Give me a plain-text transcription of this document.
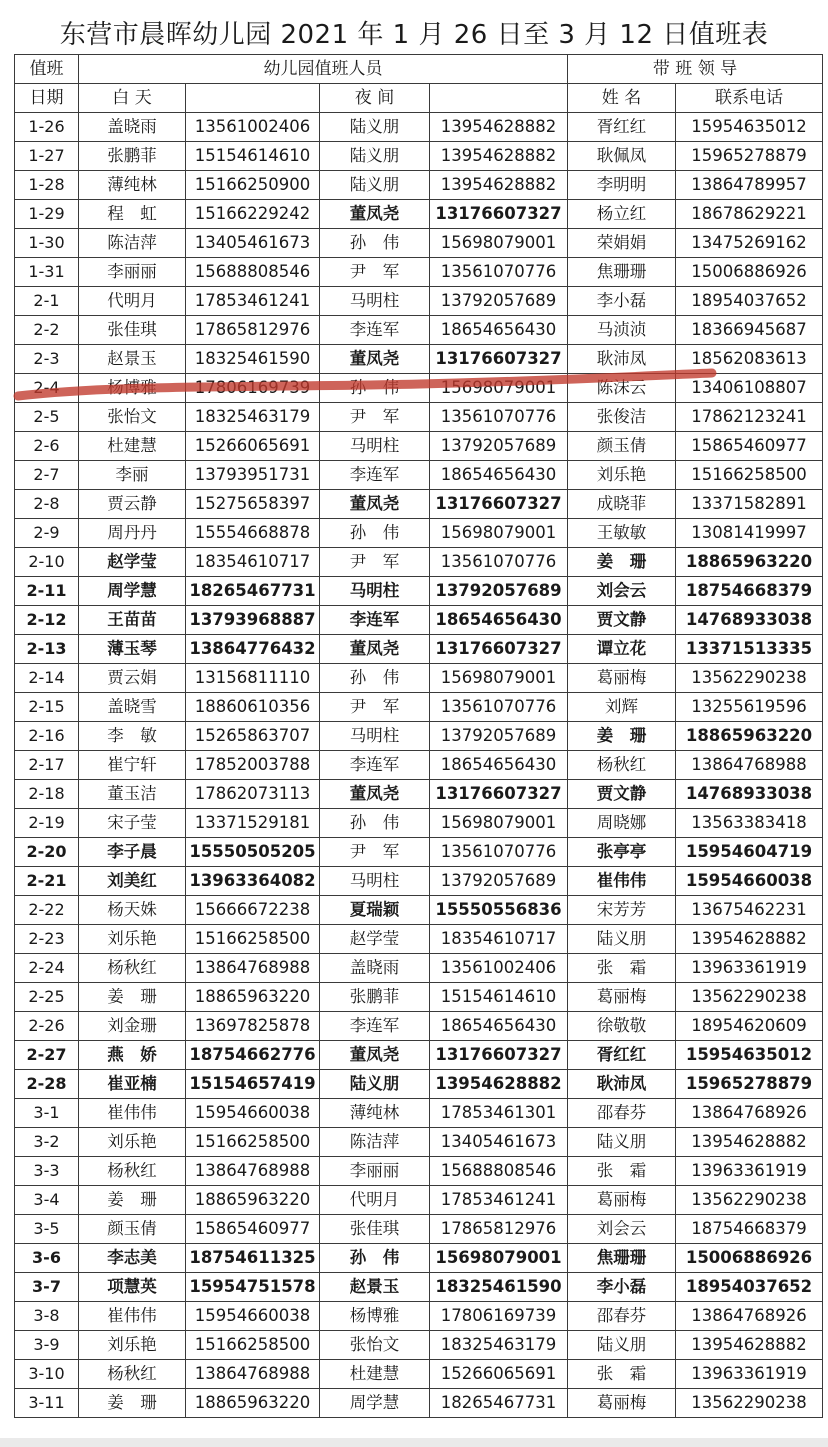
东营市晨晖幼儿园 2021 年 1 月 26 日至 3 月 12 日值班表
值班	幼儿园值班人员				带 班 领 导	
日期	白 天		夜 间		姓 名	联系电话
1-26	盖晓雨	13561002406	陆义朋	13954628882	胥红红	15954635012
1-27	张鹏菲	15154614610	陆义朋	13954628882	耿佩凤	15965278879
1-28	薄纯林	15166250900	陆义朋	13954628882	李明明	13864789957
1-29	程　虹	15166229242	董凤尧	13176607327	杨立红	18678629221
1-30	陈洁萍	13405461673	孙　伟	15698079001	荣娟娟	13475269162
1-31	李丽丽	15688808546	尹　军	13561070776	焦珊珊	15006886926
2-1	代明月	17853461241	马明柱	13792057689	李小磊	18954037652
2-2	张佳琪	17865812976	李连军	18654656430	马浈浈	18366945687
2-3	赵景玉	18325461590	董凤尧	13176607327	耿沛凤	18562083613
2-4	杨博雅	17806169739	孙　伟	15698079001	陈沫云	13406108807
2-5	张怡文	18325463179	尹　军	13561070776	张俊洁	17862123241
2-6	杜建慧	15266065691	马明柱	13792057689	颜玉倩	15865460977
2-7	李丽	13793951731	李连军	18654656430	刘乐艳	15166258500
2-8	贾云静	15275658397	董凤尧	13176607327	成晓菲	13371582891
2-9	周丹丹	15554668878	孙　伟	15698079001	王敏敏	13081419997
2-10	赵学莹	18354610717	尹　军	13561070776	姜　珊	18865963220
2-11	周学慧	18265467731	马明柱	13792057689	刘会云	18754668379
2-12	王苗苗	13793968887	李连军	18654656430	贾文静	14768933038
2-13	薄玉琴	13864776432	董凤尧	13176607327	谭立花	13371513335
2-14	贾云娟	13156811110	孙　伟	15698079001	葛丽梅	13562290238
2-15	盖晓雪	18860610356	尹　军	13561070776	刘辉	13255619596
2-16	李　敏	15265863707	马明柱	13792057689	姜　珊	18865963220
2-17	崔宁轩	17852003788	李连军	18654656430	杨秋红	13864768988
2-18	董玉洁	17862073113	董凤尧	13176607327	贾文静	14768933038
2-19	宋子莹	13371529181	孙　伟	15698079001	周晓娜	13563383418
2-20	李子晨	15550505205	尹　军	13561070776	张亭亭	15954604719
2-21	刘美红	13963364082	马明柱	13792057689	崔伟伟	15954660038
2-22	杨天姝	15666672238	夏瑞颖	15550556836	宋芳芳	13675462231
2-23	刘乐艳	15166258500	赵学莹	18354610717	陆义朋	13954628882
2-24	杨秋红	13864768988	盖晓雨	13561002406	张　霜	13963361919
2-25	姜　珊	18865963220	张鹏菲	15154614610	葛丽梅	13562290238
2-26	刘金珊	13697825878	李连军	18654656430	徐敬敬	18954620609
2-27	燕　娇	18754662776	董凤尧	13176607327	胥红红	15954635012
2-28	崔亚楠	15154657419	陆义朋	13954628882	耿沛凤	15965278879
3-1	崔伟伟	15954660038	薄纯林	17853461301	邵春芬	13864768926
3-2	刘乐艳	15166258500	陈洁萍	13405461673	陆义朋	13954628882
3-3	杨秋红	13864768988	李丽丽	15688808546	张　霜	13963361919
3-4	姜　珊	18865963220	代明月	17853461241	葛丽梅	13562290238
3-5	颜玉倩	15865460977	张佳琪	17865812976	刘会云	18754668379
3-6	李志美	18754611325	孙　伟	15698079001	焦珊珊	15006886926
3-7	项慧英	15954751578	赵景玉	18325461590	李小磊	18954037652
3-8	崔伟伟	15954660038	杨博雅	17806169739	邵春芬	13864768926
3-9	刘乐艳	15166258500	张怡文	18325463179	陆义朋	13954628882
3-10	杨秋红	13864768988	杜建慧	15266065691	张　霜	13963361919
3-11	姜　珊	18865963220	周学慧	18265467731	葛丽梅	13562290238
